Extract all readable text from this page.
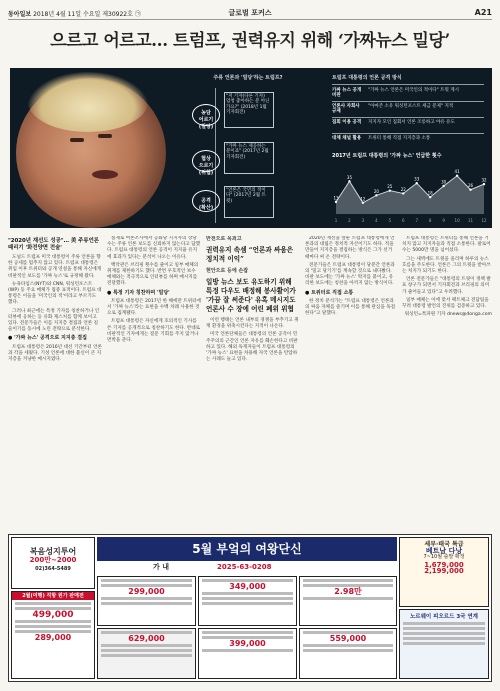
동아일보 2018년 4월 11일 수요일 제30922호 ㉠	글로벌 포커스	A21
으르고 어르고… 트럼프, 권력유지 위해 ‘가짜뉴스 밀당’
주류 언론과 '밀당'하는 트럼프?
농담
어르기
(밀당)
협상
으르기
(위협)
공격
(확산)
"저 기자(다른 기자) 엄청 좋아하는 분 아닌가요?" (2018년 1월 기자회견)
"가짜 뉴스 제공하는 분이죠" (2017년 2월 기자회견)
"언론은 국민의 적이다" (2017년 2월 트윗)
트럼프 대통령의 언론 공격 방식
가짜 뉴스 공개 비판
"가짜 뉴스 언론은 미국인의 적이다" 트윗 게시
언론사 자회사 규제
"아마존 소유 워싱턴포스트 세금 문제" 지적
집회 이용 공격	지지자 모인 집회서 언론 조롱하고 야유 유도
대체 채널 활용	트위터 통해 직접 지지층과 소통
2017년 트럼프 대통령의 '가짜 뉴스' 언급한 횟수
13
1
35
2
12
3
20
4
25
5
22
6
33
7
18
8
30
9
41
10
26
11
32
12
"2020년 재선도 성공"… 美 주류언론 때리기 '화전양면 전술'

도널드 트럼프 미국 대통령이 주류 언론을 향한 공세를 멈추지 않고 있다. 트럼프 대통령은 취임 이후 트위터와 공개 연설을 통해 자신에게 비판적인 보도를 '가짜 뉴스'로 규정해 왔다.

뉴욕타임스(NYT)와 CNN, 워싱턴포스트(WP) 등 주요 매체가 집중 표적이다. 트럼프 대통령은 이들을 '미국인의 적'이라고 부르기도 했다.

그러나 최근에는 특정 기자를 칭찬하거나 인터뷰에 응하는 등 유화 제스처를 함께 보이고 있다. 전문가들은 이를 지지층 결집과 언론 길들이기를 동시에 노린 전략으로 분석한다.

● '가짜 뉴스' 공격으로 지지층 결집

트럼프 대통령은 2016년 대선 기간부터 언론과 각을 세웠다. 기성 언론에 대한 불신이 큰 지지층을 겨냥한 메시지였다.

실제로 여론조사에서 공화당 지지자의 상당수는 주류 언론 보도를 신뢰하지 않는다고 답했다. 트럼프 대통령의 언론 공격이 지지율 유지에 효과가 있다는 분석이 나오는 이유다.

백악관은 브리핑 횟수를 줄이고 일부 매체의 취재를 제한하기도 했다. 반면 우호적인 보수 매체와는 적극적으로 인터뷰를 하며 메시지를 전달했다.

● 특정 기자 칭찬하며 '밀당'

트럼프 대통령은 2017년 한 해에만 트위터에서 '가짜 뉴스'라는 표현을 수백 차례 사용한 것으로 집계됐다.

트럼프 대통령은 자신에게 호의적인 기사를 쓴 기자를 공개적으로 칭찬하기도 한다. 반대로 비판적인 기자에게는 질문 기회를 주지 않거나 면박을 준다.

반전으로 목죄고
권력유지 속셈 “언론과 싸움은 정치적 이익”
현안으로 등에 손잡
일방 뉴스 보도 유도하기 위해 특정 다우도 배정해 봉사활이가 '가끔 잘 써준다' 유혹 메시지도 언론사 수 장에 어린 폐위 위협

이런 행태는 언론 내부의 경쟁을 부추기고 취재 환경을 위축시킨다는 지적이 나온다.

미국 언론단체들은 대통령의 언론 공격이 민주주의의 근간인 언론 자유를 훼손한다고 비판하고 있다. 해외 독재자들이 트럼프 대통령의 '가짜 뉴스' 표현을 차용해 자국 언론을 탄압하는 사례도 늘고 있다.

2020년 재선을 앞둔 트럼프 대통령에게 언론과의 대립은 정치적 자산이기도 하다. 적을 만들어 지지층을 결집하는 방식은 그가 선거 때마다 써 온 전략이다.

전문가들은 트럼프 대통령이 당분간 언론과의 '밀고 당기기'를 계속할 것으로 내다봤다. 비판 보도에는 '가짜 뉴스' 딱지를 붙이고, 유리한 보도에는 칭찬을 아끼지 않는 방식이다.

● 트위터로 직접 소통

한 정치 분석가는 "트럼프 대통령은 언론과의 싸움 자체를 즐기며 이를 통해 관심을 독점한다"고 말했다.

트럼프 대통령은 트위터를 통해 언론을 거치지 않고 지지자들과 직접 소통한다. 팔로어 수는 5000만 명을 넘어섰다.

그는 새벽에도 트윗을 올리며 하루의 뉴스 흐름을 주도한다. 언론은 그의 트윗을 받아쓰는 처지가 되기도 한다.

언론 전문가들은 "대통령의 트윗이 정책 발표 창구가 되면서 기자회견과 브리핑의 의미가 줄어들고 있다"고 우려했다.

일부 매체는 이에 맞서 팩트체크 전담팀을 꾸려 대통령 발언의 진위를 검증하고 있다.

워싱턴=특파원 기자 dnews@donga.com

복음성지투어
200만~2000
02)364-5489
5월 부엌의 여왕단신
가 내	2025-63-0208
세부·태국 특급
베트남 다낭
7~10월 출발 확정
1,679,000
2,199,000
2월(여행) 직항 원가 판매전
499,000
289,000
299,000
349,000
2.98만
629,000
399,000
559,000
노르웨이 피오르드 3국 연계
